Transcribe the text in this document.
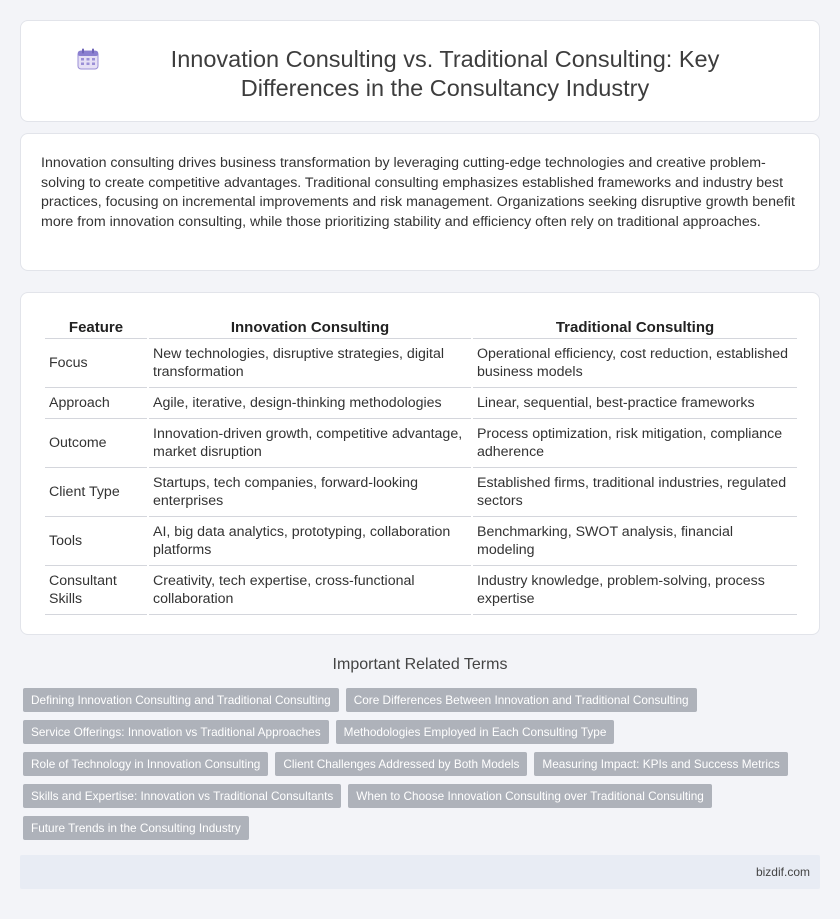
Innovation Consulting vs. Traditional Consulting: Key Differences in the Consultancy Industry

Innovation consulting drives business transformation by leveraging cutting-edge technologies and creative problem-solving to create competitive advantages. Traditional consulting emphasizes established frameworks and industry best practices, focusing on incremental improvements and risk management. Organizations seeking disruptive growth benefit more from innovation consulting, while those prioritizing stability and efficiency often rely on traditional approaches.

Feature	Innovation Consulting	Traditional Consulting
Focus	New technologies, disruptive strategies, digital transformation	Operational efficiency, cost reduction, established business models
Approach	Agile, iterative, design-thinking methodologies	Linear, sequential, best-practice frameworks
Outcome	Innovation-driven growth, competitive advantage, market disruption	Process optimization, risk mitigation, compliance adherence
Client Type	Startups, tech companies, forward-looking enterprises	Established firms, traditional industries, regulated sectors
Tools	AI, big data analytics, prototyping, collaboration platforms	Benchmarking, SWOT analysis, financial modeling
Consultant Skills	Creativity, tech expertise, cross-functional collaboration	Industry knowledge, problem-solving, process expertise
Important Related Terms
Defining Innovation Consulting and Traditional Consulting	Core Differences Between Innovation and Traditional Consulting
Service Offerings: Innovation vs Traditional Approaches	Methodologies Employed in Each Consulting Type
Role of Technology in Innovation Consulting	Client Challenges Addressed by Both Models	Measuring Impact: KPIs and Success Metrics
Skills and Expertise: Innovation vs Traditional Consultants	When to Choose Innovation Consulting over Traditional Consulting
Future Trends in the Consulting Industry
bizdif.com
